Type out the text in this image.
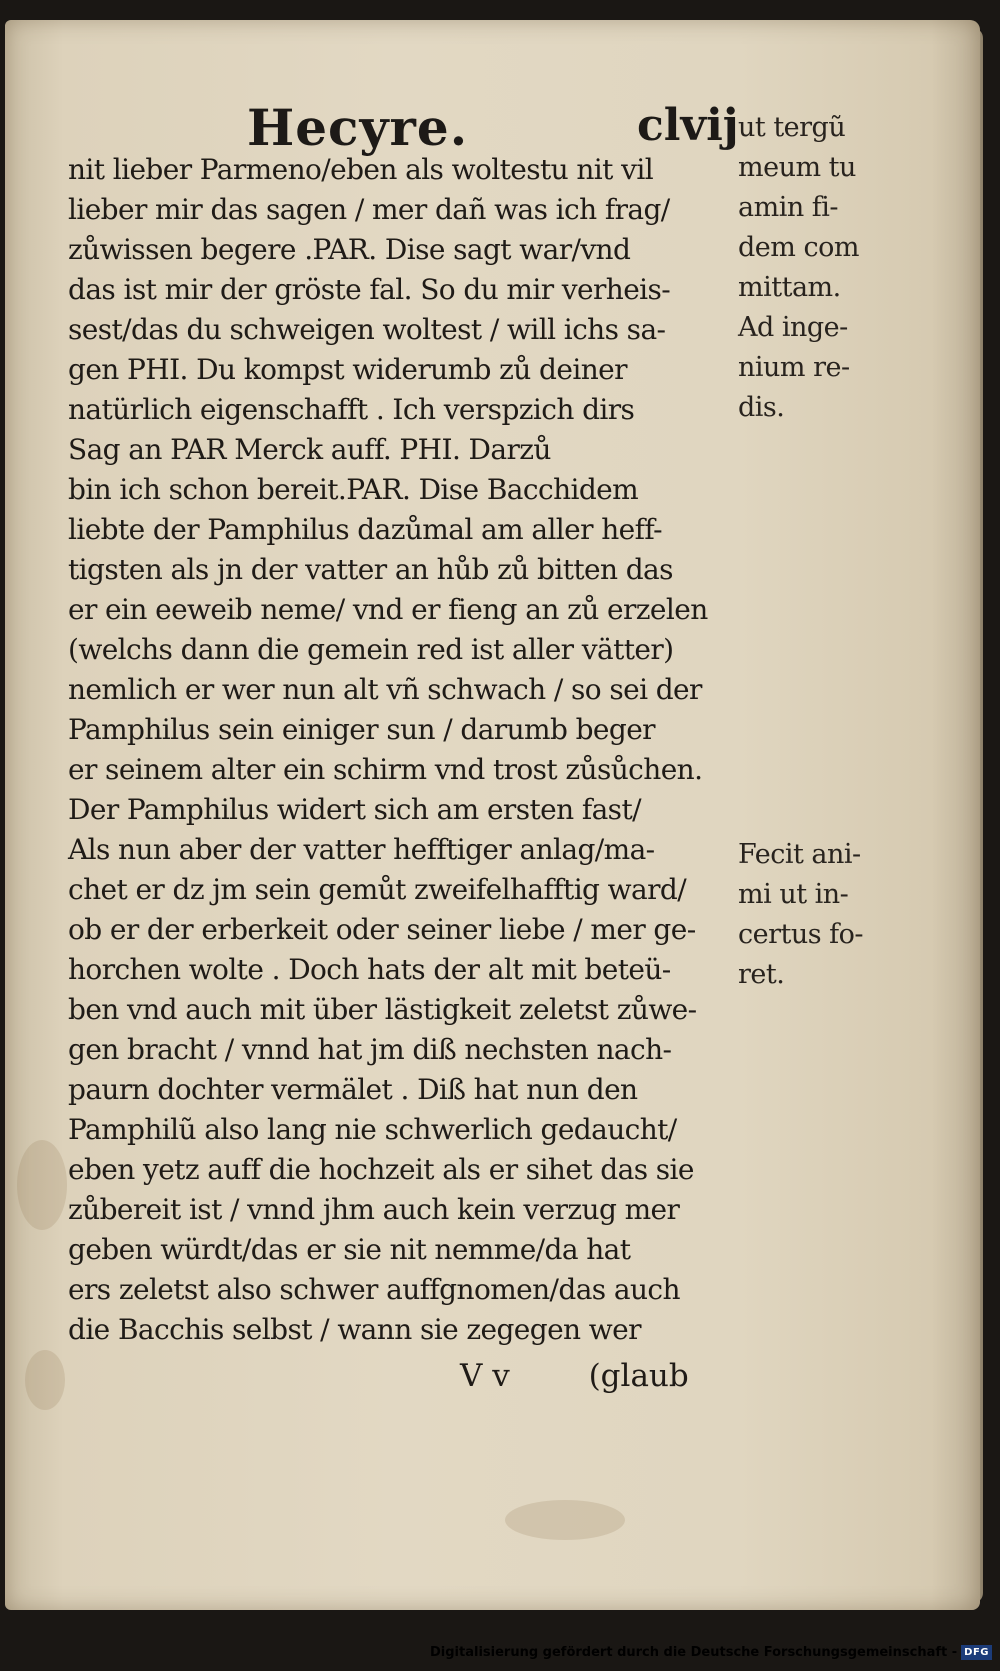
Hecyre.	clvij
nit lieber Parmeno/eben als woltestu nit vil
lieber mir das sagen / mer dañ was ich frag/
zůwissen begere .PAR. Dise sagt war/vnd
das ist mir der gröste fal. So du mir verheis-
sest/das du schweigen woltest / will ichs sa-
gen PHI. Du kompst widerumb zů deiner
natürlich eigenschafft . Ich verspzich dirs
Sag an PAR Merck auff. PHI. Darzů
bin ich schon bereit.PAR. Dise Bacchidem
liebte der Pamphilus dazůmal am aller heff-
tigsten als jn der vatter an hůb zů bitten das
er ein eeweib neme/ vnd er fieng an zů erzelen
(welchs dann die gemein red ist aller vätter)
nemlich er wer nun alt vñ schwach / so sei der
Pamphilus sein einiger sun / darumb beger
er seinem alter ein schirm vnd trost zůsůchen.
Der Pamphilus widert sich am ersten fast/
Als nun aber der vatter hefftiger anlag/ma-
chet er dz jm sein gemůt zweifelhafftig ward/
ob er der erberkeit oder seiner liebe / mer ge-
horchen wolte . Doch hats der alt mit beteü-
ben vnd auch mit über lästigkeit zeletst zůwe-
gen bracht / vnnd hat jm diß nechsten nach-
paurn dochter vermälet . Diß hat nun den
Pamphilũ also lang nie schwerlich gedaucht/
eben yetz auff die hochzeit als er sihet das sie
zůbereit ist / vnnd jhm auch kein verzug mer
geben würdt/das er sie nit nemme/da hat
ers zeletst also schwer auffgnomen/das auch
die Bacchis selbst / wann sie zegegen wer
ut tergũ
meum tu
amin fi-
dem com
mittam.
Ad inge-
nium re-
dis.
Fecit ani-
mi ut in-
certus fo-
ret.
V v        (glaub
Digitalisierung gefördert durch die Deutsche Forschungsgemeinschaft - DFG
